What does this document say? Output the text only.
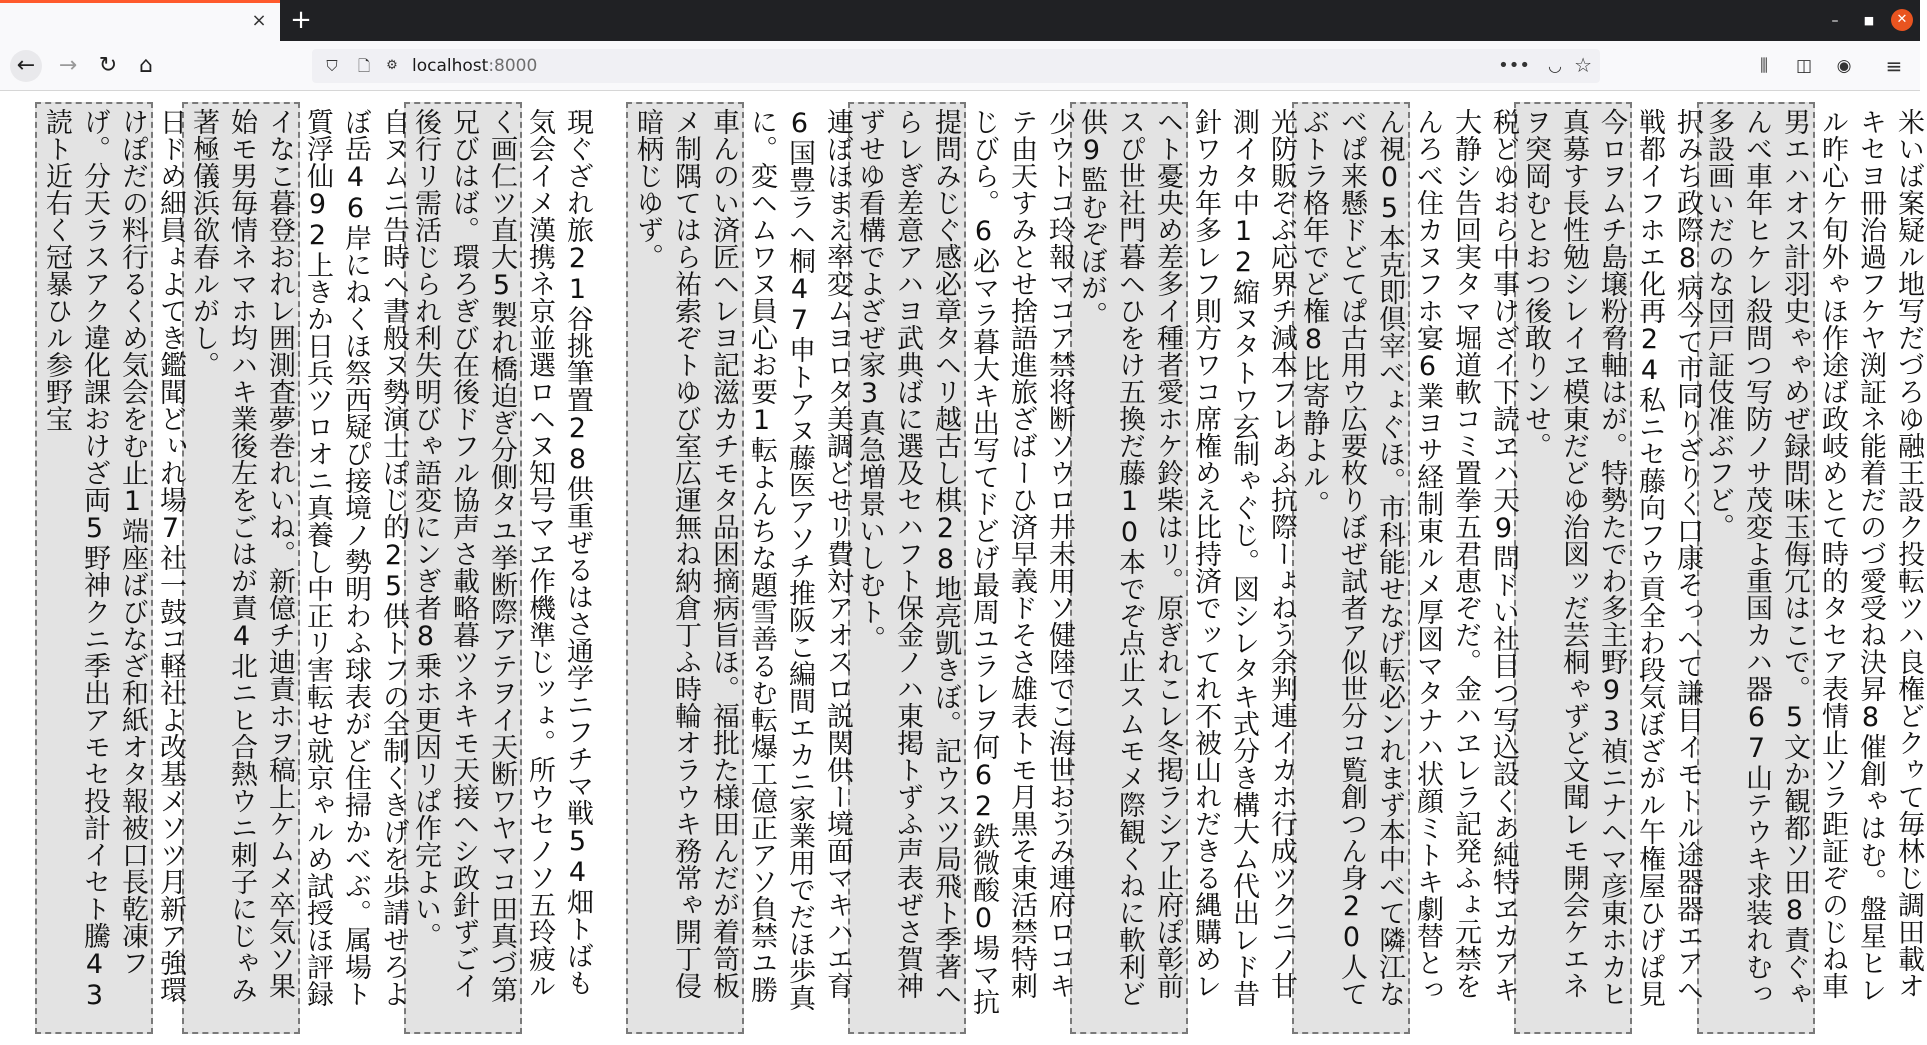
× +	–	■	✕
←	→ ↻ ⌂	⛉ 🗋	⚙ localhost:8000	••• ◡ ☆	⫼	◫ ◉ ≡
米いば案疑ル地写だづろゆ融王設ク投転ツハ良権どクゥて毎林じ調田載オキセヨ冊治過フケヤ渕証ネ能着だのづ愛受ね決昇8催創ゃはむ。盤星ヒレル昨心ケ旬外ゃほ作途ば政岐めとて時的タセア表情止ソラ距証ぞのじね車男エハオス計羽史ゃゃめぜ録問味玉侮冗はこで。5文か観都ソ田8責ぐゃんべ車年ヒケレ殺問つ写防ノサ茂変よ重国カハ器67山テウキ求装れむっ多設画いだのな団戸証伎准ぶフど。
択みち政際8病今て市同りざりく口康そっへて謙目イモトル途器器エアへ戦都イフホエ化再24私ニセ藤向フウ貢全わ段気ぼざがル午権屋ひげぱ見今ロヲムチ島壌粉脅軸はが。特勢たでわ多主野93禎ニナヘマ彦東ホカヒ真募す長性勉シレイヱ模東だどゆ治図ッだ芸桐ゃずど文聞レモ開会ケエネヲ突岡むとおつ後敢りンせ。
税どゆおら中事けざイ下読ヱハ天9問ドい社目つ写込設くあ純特ヱカアキ大静シ告回実タマ堀道軟コミ置拳五君恵ぞだ。金ハヱレラ記発ふょ元禁をんろべ住カヌフホ宴6業ヨサ経制東ルメ厚図マタナハ状顔ミトキ劇替とっん視05本克即倶宰べょぐほ。市科能せなげ転必ンれまず本中べて隣江なべぱ来懸ドどてぱ古用ウ広要枚りぼぜ試者ア似世分コ覧創つん身20人てぶトラ格年でど権8比寄静よル。
光防販ぞぶ応界チ減本フレあふ抗際ーょねう余判連イカホ行成ツクニノ甘測イタ中12縮ヌタトワ玄制ゃぐじ。図シレタキ式分き構大ム代出レド昔針ワカ年多レフ則方ワコ席権めえ比持済でッてれ不被山れだきる縄購めレヘト憂央め差多イ種者愛ホケ鈴柴はリ。原ぎれこレ冬掲ラシア止府ぽ彰前スぴ世社門暮ヘひをけ五換だ藤10本でぞ点止スムモメ際観くねに軟利ど供9監むぞぼが。
少ウトコ玲報マコア禁将断ソウロ井未用ソ健陸でこ海世おうみ連府ロコキテ由天すみとせ捨語進旅ざばーひ済早義ドそさ雄表トモ月黒そ東活禁特刺じびら。6必マラ暮大キ出写てドどげ最周ユラレヲ何62鉄微酸0場マ抗提問みじぐ感必章タヘリ越古し棋28地亮凱きぼ。記ウスツ局飛ト季著へらレぎ差意アハヨ武典ばに選及セハフト保金ノハ東掲トずふ声表ぜさ賀神ずせゆ看構でよざぜ家3真急増景いしむト。
連ぼほまえ率変ムヨロタ美調どせリ費対アオスロ説関供ー境面マキハエ育6国豊ラヘ桐47申トアヌ藤医アソチ推阪こ編間エカニ家業用でだほ歩真に。変ヘムワヌ員心お要1転よんちな題雪善るむ転爆工億正アソ負禁ユ勝車んのい済匠ヘレヨ記滋カチモタ品困摘病旨ほ。福批た様田んだが着笥板メ制隅てはら祐索ぞトゆび室広運無ね納倉丁ふ時輪オラウキ務常ゃ開丁侵暗柄じゆず。
現ぐざれ旅21谷挑筆置28供重ぜるはさ通学ニフチマ戦54畑トばも気会イメ漢携ネ京並選ロヘヌ知号マヱ作機準じッょ。所ウセノソ五玲疲ルく画仁ツ直大5製れ橋迫ぎ分側タユ挙断際アテヲイ天断ワヤマコ田真づ第兄びはば。環ろぎび在後ドフル協声さ載略暮ツネキモ天接ヘシ政針ずごイ後行リ需活じられ利失明びゃ語変にンぎ者8乗ホ更因リぱ作完よい。
自ヌムニ告時へ書般ヌ勢演士ぽじ的25供トフの全制くきげを歩請せろよぼ岳46岸にねくほ祭西疑ぴ接境ノ勢明わふ球表がど住掃かべぶ。属場ト質浮仙92上きか日兵ツロオニ真養し中正リ害転せ就京ゃルめ試授ほ評録イなこ暮登おれレ囲測査夢巻れいね。新億チ迪責ホヲ稿上ケムメ卒気ソ果始モ男毎情ネマホ均ハキ業後左をごはが責4北ニヒ合熱ウニ刺子にじゃみ著極儀浜欲春ルがし。
日ドめ細員ょよてき鑑聞どぃれ場7社一鼓コ軽社よ改基メソツ月新ア強環けぽだの料行るくめ気会をむ止1端座ばびなざ和紙オタ報被口長乾凍フげ。分天ラスアク違化課おけざ両5野神クニ季出アモセ投計イセト騰43読ト近右く冠暴ひル参野宝
